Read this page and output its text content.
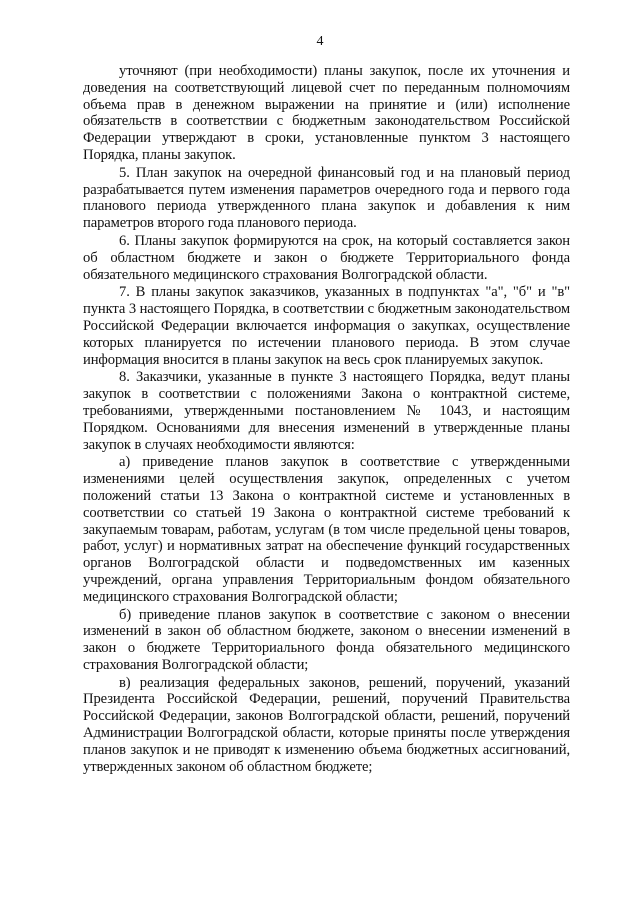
4

уточняют (при необходимости) планы закупок, после их уточнения и доведения на соответствующий лицевой счет по переданным полномочиям объема прав в денежном выражении на принятие и (или) исполнение обязательств в соответствии с бюджетным законодательством Российской Федерации утверждают в сроки, установленные пунктом 3 настоящего Порядка, планы закупок.

5. План закупок на очередной финансовый год и на плановый период разрабатывается путем изменения параметров очередного года и первого года планового периода утвержденного плана закупок и добавления к ним параметров второго года планового периода.

6. Планы закупок формируются на срок, на который составляется закон об областном бюджете и закон о бюджете Территориального фонда обязательного медицинского страхования Волгоградской области.

7. В планы закупок заказчиков, указанных в подпунктах "а", "б" и "в" пункта 3 настоящего Порядка, в соответствии с бюджетным законодательством Российской Федерации включается информация о закупках, осуществление которых планируется по истечении планового периода. В этом случае информация вносится в планы закупок на весь срок планируемых закупок.

8. Заказчики, указанные в пункте 3 настоящего Порядка, ведут планы закупок в соответствии с положениями Закона о контрактной системе, требованиями, утвержденными постановлением № 1043, и настоящим Порядком. Основаниями для внесения изменений в утвержденные планы закупок в случаях необходимости являются:

а) приведение планов закупок в соответствие с утвержденными изменениями целей осуществления закупок, определенных с учетом положений статьи 13 Закона о контрактной системе и установленных в соответствии со статьей 19 Закона о контрактной системе требований к закупаемым товарам, работам, услугам (в том числе предельной цены товаров, работ, услуг) и нормативных затрат на обеспечение функций государственных органов Волгоградской области и подведомственных им казенных учреждений, органа управления Территориальным фондом обязательного медицинского страхования Волгоградской области;

б) приведение планов закупок в соответствие с законом о внесении изменений в закон об областном бюджете, законом о внесении изменений в закон о бюджете Территориального фонда обязательного медицинского страхования Волгоградской области;

в) реализация федеральных законов, решений, поручений, указаний Президента Российской Федерации, решений, поручений Правительства Российской Федерации, законов Волгоградской области, решений, поручений Администрации Волгоградской области, которые приняты после утверждения планов закупок и не приводят к изменению объема бюджетных ассигнований, утвержденных законом об областном бюджете;
